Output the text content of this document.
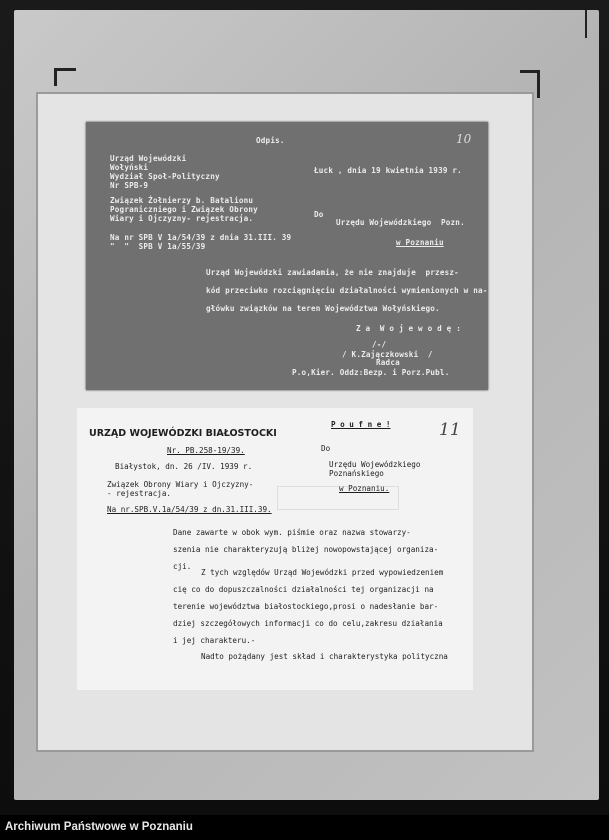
Odpis.	10
Urząd Wojewódzki
Wołyński
Wydział Społ-Polityczny
Nr SPB-9
Związek Żołnierzy b. Batalionu
Pograniczniego i Związek Obrony
Wiary i Ojczyzny- rejestracja.
Na nr SPB V 1a/54/39 z dnia 31.III. 39
"  "  SPB V 1a/55/39
Łuck , dnia 19 kwietnia 1939 r.
Do
Urzędu Wojewódzkiego  Pozn.
w Poznaniu
Urząd Wojewódzki zawiadamia, że nie znajduje  przesz-
kód przeciwko rozciągnięciu działalności wymienionych w na-
główku związków na teren Województwa Wołyńskiego.
Z a  W o j e w o d ę :
/-/
/ K.Zajączkowski  /
Radca
P.o,Kier. Oddz:Bezp. i Porz.Publ.
URZĄD WOJEWÓDZKI BIAŁOSTOCKI
Nr. PB.258-19/39.
Białystok, dn. 26 /IV. 1939 r.
P o u f n e !	11
Do
Urzędu Wojewódzkiego
Poznańskiego
w Poznaniu.
Związek Obrony Wiary i Ojczyzny-
- rejestracja.
Na nr.SPB.V.1a/54/39 z dn.31.III.39.
Dane zawarte w obok wym. piśmie oraz nazwa stowarzy-
szenia nie charakteryzują bliżej nowopowstającej organiza-
cji.
Z tych względów Urząd Wojewódzki przed wypowiedzeniem
cię co do dopuszczalności działalności tej organizacji na
terenie województwa białostockiego,prosi o nadesłanie bar-
dziej szczegółowych informacji co do celu,zakresu działania
i jej charakteru.-
Nadto pożądany jest skład i charakterystyka polityczna
Archiwum Państwowe w Poznaniu
